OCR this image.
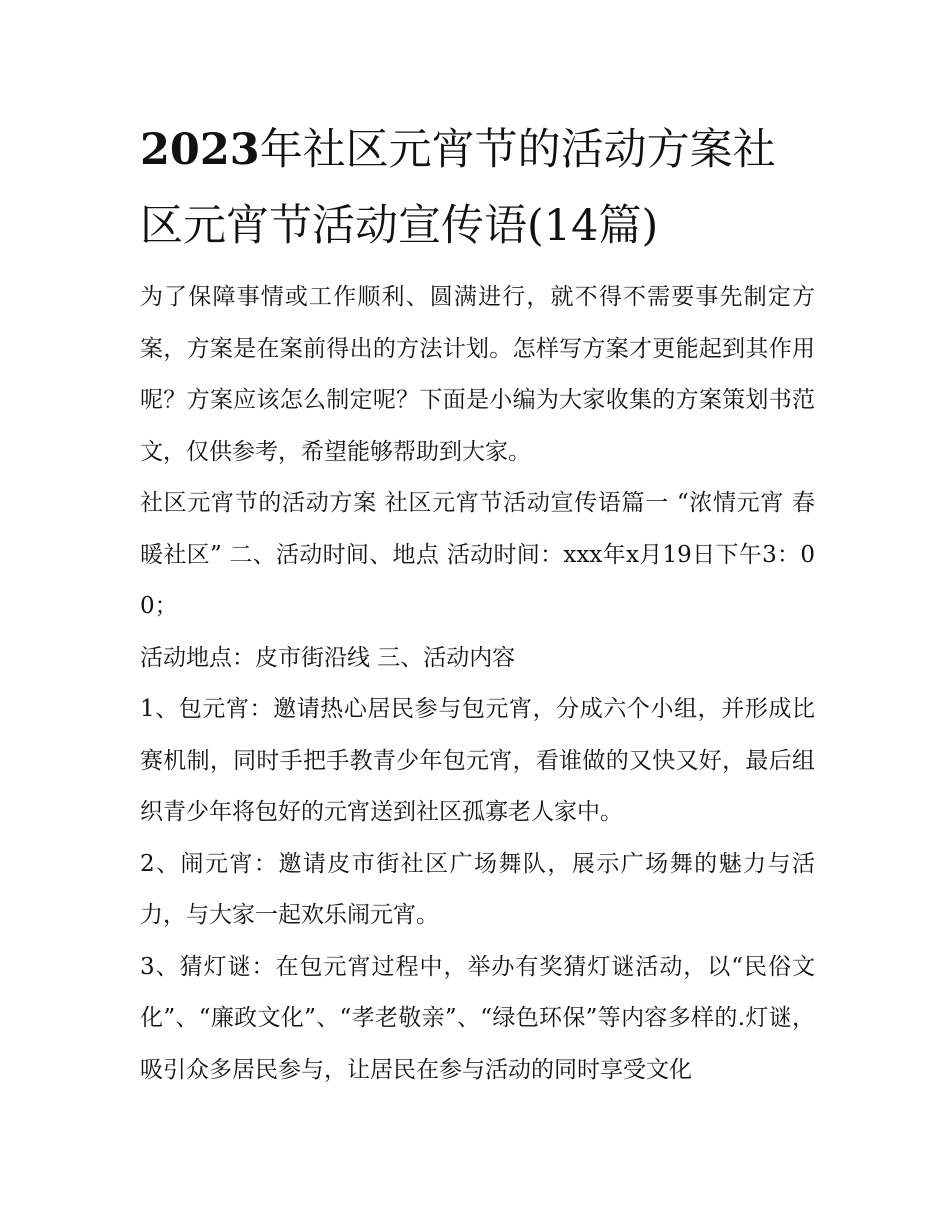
2023年社区元宵节的活动方案社区元宵节活动宣传语(14篇)

为了保障事情或工作顺利、圆满进行，就不得不需要事先制定方案，方案是在案前得出的方法计划。怎样写方案才更能起到其作用呢？方案应该怎么制定呢？下面是小编为大家收集的方案策划书范文，仅供参考，希望能够帮助到大家。

社区元宵节的活动方案 社区元宵节活动宣传语篇一 “浓情元宵 春暖社区” 二、活动时间、地点 活动时间：xxx年x月19日下午3：00；

活动地点：皮市街沿线 三、活动内容

1、包元宵：邀请热心居民参与包元宵，分成六个小组，并形成比赛机制，同时手把手教青少年包元宵，看谁做的又快又好，最后组织青少年将包好的元宵送到社区孤寡老人家中。

2、闹元宵：邀请皮市街社区广场舞队，展示广场舞的魅力与活力，与大家一起欢乐闹元宵。

3、猜灯谜：在包元宵过程中，举办有奖猜灯谜活动，以“民俗文化”、“廉政文化”、“孝老敬亲”、“绿色环保”等内容多样的.灯谜，吸引众多居民参与，让居民在参与活动的同时享受文化
